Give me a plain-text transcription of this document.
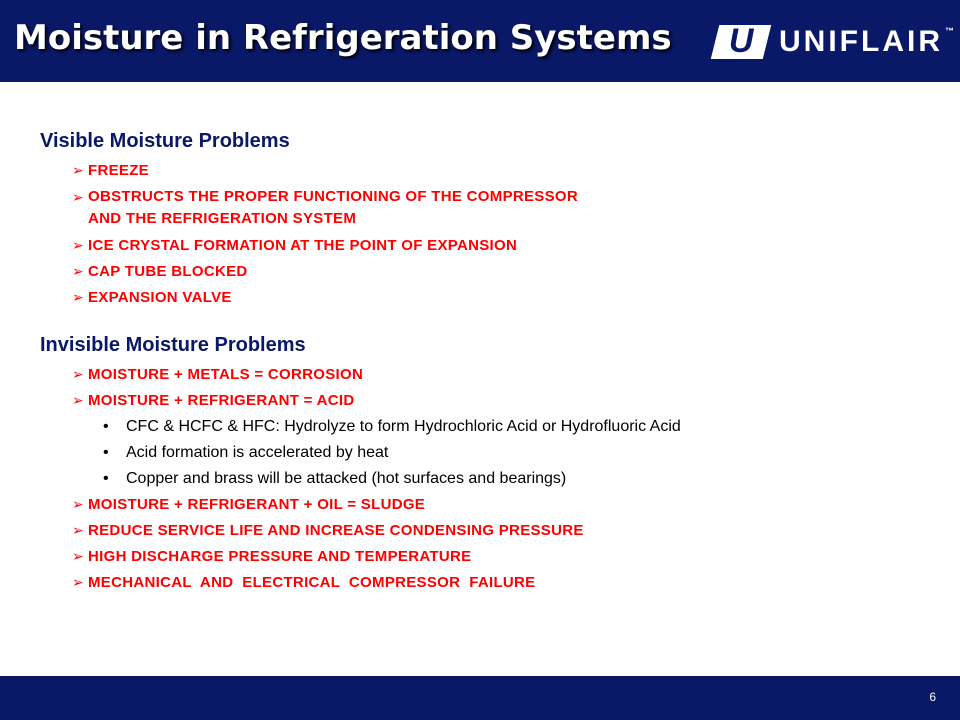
Moisture in Refrigeration Systems	U UNIFLAIR ™
Visible Moisture Problems
➢ FREEZE
➢ OBSTRUCTS THE PROPER FUNCTIONING OF THE COMPRESSOR
AND THE REFRIGERATION SYSTEM
➢ ICE CRYSTAL FORMATION AT THE POINT OF EXPANSION
➢ CAP TUBE BLOCKED
➢ EXPANSION VALVE
Invisible Moisture Problems
➢ MOISTURE + METALS = CORROSION
➢ MOISTURE + REFRIGERANT = ACID
• CFC & HCFC & HFC: Hydrolyze to form Hydrochloric Acid or Hydrofluoric Acid
• Acid formation is accelerated by heat
• Copper and brass will be attacked (hot surfaces and bearings)
➢ MOISTURE + REFRIGERANT + OIL = SLUDGE
➢ REDUCE SERVICE LIFE AND INCREASE CONDENSING PRESSURE
➢ HIGH DISCHARGE PRESSURE AND TEMPERATURE
➢ MECHANICAL  AND  ELECTRICAL  COMPRESSOR  FAILURE
6
